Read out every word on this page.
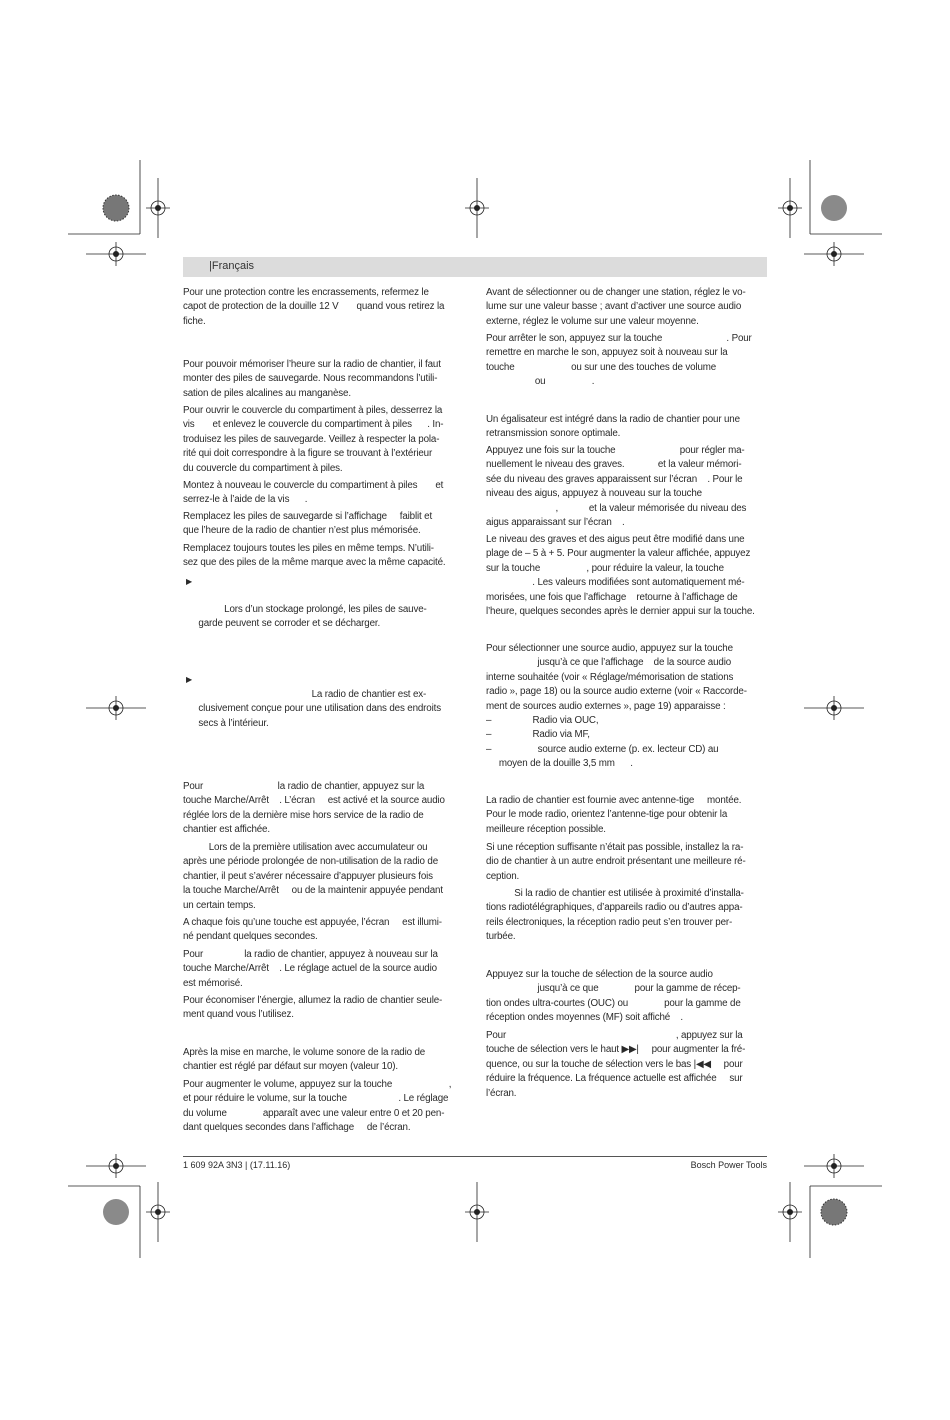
|Français

Pour une protection contre les encrassements, refermez le
capot de protection de la douille 12 V       quand vous retirez la
fiche.

Pour pouvoir mémoriser l’heure sur la radio de chantier, il faut
monter des piles de sauvegarde. Nous recommandons l’utili-
sation de piles alcalines au manganèse.

Pour ouvrir le couvercle du compartiment à piles, desserrez la
vis       et enlevez le couvercle du compartiment à piles      . In-
troduisez les piles de sauvegarde. Veillez à respecter la pola-
rité qui doit correspondre à la figure se trouvant à l’extérieur
du couvercle du compartiment à piles.

Montez à nouveau le couvercle du compartiment à piles       et
serrez-le à l’aide de la vis      .

Remplacez les piles de sauvegarde si l’affichage     faiblit et
que l’heure de la radio de chantier n’est plus mémorisée.

Remplacez toujours toutes les piles en même temps. N’utili-
sez que des piles de la même marque avec la même capacité.

▶

Lors d’un stockage prolongé, les piles de sauve-
garde peuvent se corroder et se décharger.

▶

La radio de chantier est ex-
clusivement conçue pour une utilisation dans des endroits
secs à l’intérieur.

Pour                             la radio de chantier, appuyez sur la
touche Marche/Arrêt    . L’écran     est activé et la source audio
réglée lors de la dernière mise hors service de la radio de
chantier est affichée.

Lors de la première utilisation avec accumulateur ou
après une période prolongée de non-utilisation de la radio de
chantier, il peut s’avérer nécessaire d’appuyer plusieurs fois
la touche Marche/Arrêt     ou de la maintenir appuyée pendant
un certain temps.

A chaque fois qu’une touche est appuyée, l’écran     est illumi-
né pendant quelques secondes.

Pour                la radio de chantier, appuyez à nouveau sur la
touche Marche/Arrêt    . Le réglage actuel de la source audio
est mémorisé.

Pour économiser l’énergie, allumez la radio de chantier seule-
ment quand vous l’utilisez.

Après la mise en marche, le volume sonore de la radio de
chantier est réglé par défaut sur moyen (valeur 10).

Pour augmenter le volume, appuyez sur la touche                      ,
et pour réduire le volume, sur la touche                    . Le réglage
du volume              apparaît avec une valeur entre 0 et 20 pen-
dant quelques secondes dans l’affichage     de l’écran.

Avant de sélectionner ou de changer une station, réglez le vo-
lume sur une valeur basse ; avant d’activer une source audio
externe, réglez le volume sur une valeur moyenne.

Pour arrêter le son, appuyez sur la touche                         . Pour
remettre en marche le son, appuyez soit à nouveau sur la
touche                      ou sur une des touches de volume
ou                  .

Un égalisateur est intégré dans la radio de chantier pour une
retransmission sonore optimale.

Appuyez une fois sur la touche                         pour régler ma-
nuellement le niveau des graves.             et la valeur mémori-
sée du niveau des graves apparaissent sur l’écran    . Pour le
niveau des aigus, appuyez à nouveau sur la touche
,            et la valeur mémorisée du niveau des
aigus apparaissant sur l’écran    .

Le niveau des graves et des aigus peut être modifié dans une
plage de – 5 à + 5. Pour augmenter la valeur affichée, appuyez
sur la touche                  , pour réduire la valeur, la touche
. Les valeurs modifiées sont automatiquement mé-
morisées, une fois que l’affichage    retourne à l’affichage de
l’heure, quelques secondes après le dernier appui sur la touche.

Pour sélectionner une source audio, appuyez sur la touche
jusqu’à ce que l’affichage    de la source audio
interne souhaitée (voir « Réglage/mémorisation de stations
radio », page 18) ou la source audio externe (voir « Raccorde-
ment de sources audio externes », page 19) apparaisse :
–                Radio via OUC,
–                Radio via MF,
–                  source audio externe (p. ex. lecteur CD) au
moyen de la douille 3,5 mm      .

La radio de chantier est fournie avec antenne-tige     montée.
Pour le mode radio, orientez l’antenne-tige pour obtenir la
meilleure réception possible.

Si une réception suffisante n’était pas possible, installez la ra-
dio de chantier à un autre endroit présentant une meilleure ré-
ception.

Si la radio de chantier est utilisée à proximité d’installa-
tions radiotélégraphiques, d’appareils radio ou d’autres appa-
reils électroniques, la réception radio peut s’en trouver per-
turbée.

Appuyez sur la touche de sélection de la source audio
jusqu’à ce que              pour la gamme de récep-
tion ondes ultra-courtes (OUC) ou              pour la gamme de
réception ondes moyennes (MF) soit affiché    .

Pour                                                                  , appuyez sur la
touche de sélection vers le haut ▶▶|     pour augmenter la fré-
quence, ou sur la touche de sélection vers le bas |◀◀     pour
réduire la fréquence. La fréquence actuelle est affichée     sur
l’écran.

1 609 92A 3N3 | (17.11.16)	Bosch Power Tools
